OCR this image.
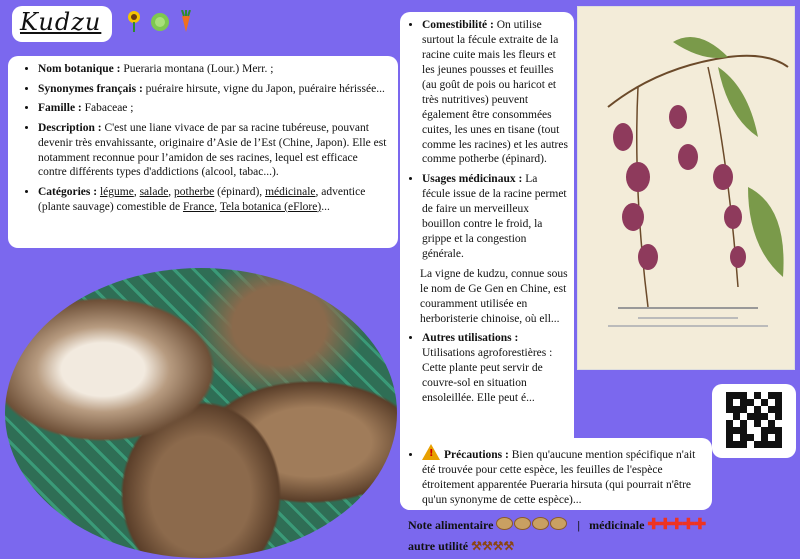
Kudzu
• Nom botanique : Pueraria montana (Lour.) Merr. ;
• Synonymes français : puéraire hirsute, vigne du Japon, puéraire hérissée...
• Famille : Fabaceae ;
• Description : C'est une liane vivace de par sa racine tubéreuse, pouvant devenir très envahissante, originaire d’Asie de l’Est (Chine, Japon). Elle est notamment reconnue pour l’amidon de ses racines, lequel est efficace contre différents types d'addictions (alcool, tabac...).
• Catégories : légume, salade, potherbe (épinard), médicinale, adventice (plante sauvage) comestible de France, Tela botanica (eFlore)...
• Comestibilité : On utilise surtout la fécule extraite de la racine cuite mais les fleurs et les jeunes pousses et feuilles (au goût de pois ou haricot et très nutritives) peuvent également être consommées cuites, les unes en tisane (tout comme les racines) et les autres comme potherbe (épinard).
• Usages médicinaux : La fécule issue de la racine permet de faire un merveilleux bouillon contre le froid, la grippe et la congestion générale.

La vigne de kudzu, connue sous le nom de Ge Gen en Chine, est couramment utilisée en herboristerie chinoise, où ell...

• Autres utilisations :
Utilisations agroforestières : Cette plante peut servir de couvre-sol en situation ensoleillée. Elle peut é...
!• Précautions : Bien qu'aucune mention spécifique n'ait été trouvée pour cette espèce, les feuilles de l'espèce étroitement apparentée Pueraria hirsuta (qui pourrait n'être qu'un synonyme de cette espèce)...
Note alimentaire	| médicinale ✚✚✚✚✚
autre utilité ⚒⚒⚒⚒
